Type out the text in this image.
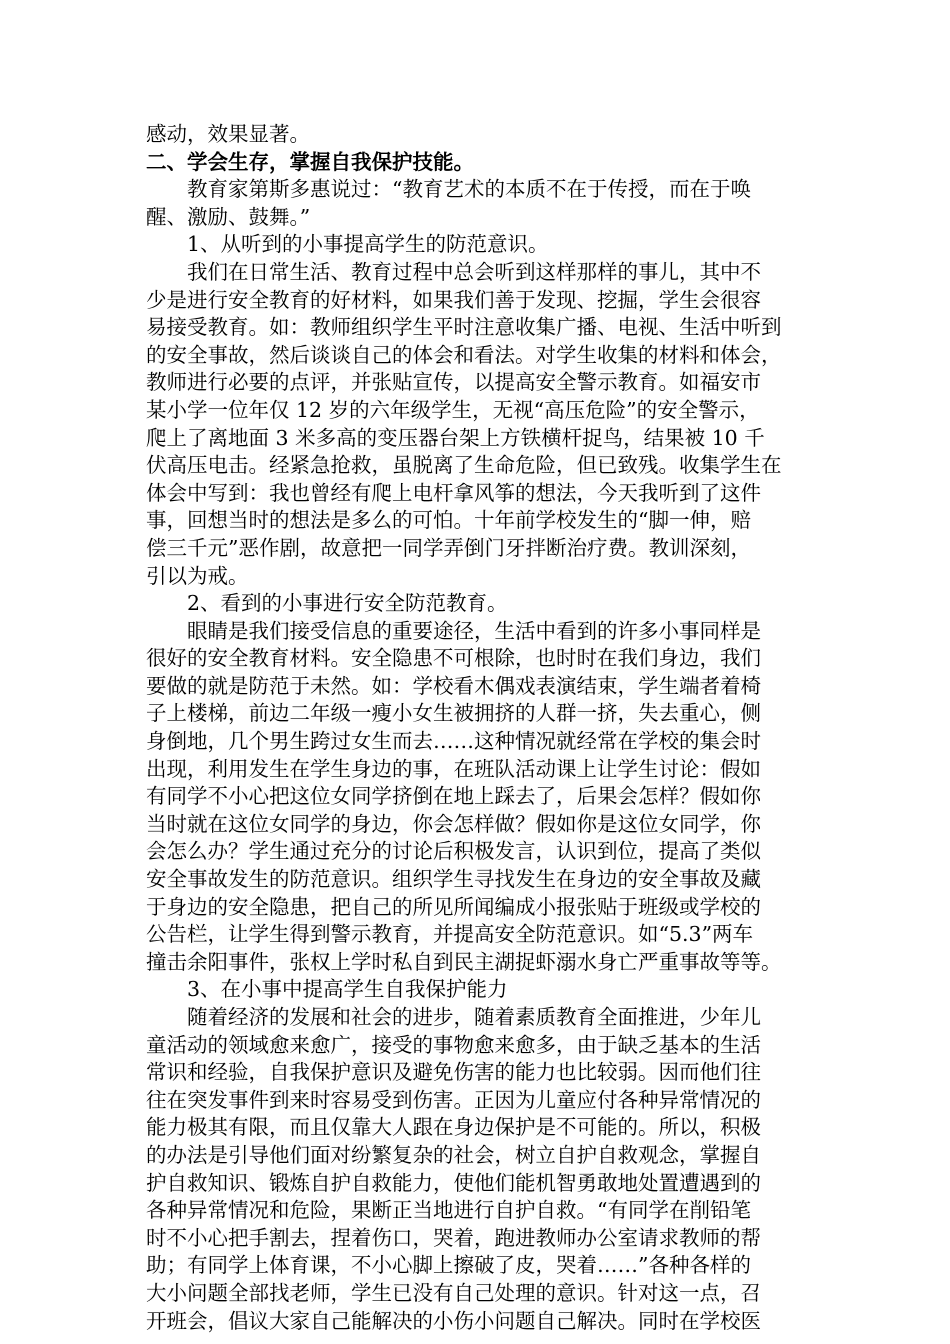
感动，效果显著。
二、学会生存，掌握自我保护技能。
教育家第斯多惠说过：“教育艺术的本质不在于传授，而在于唤
醒、激励、鼓舞。”
1、从听到的小事提高学生的防范意识。
我们在日常生活、教育过程中总会听到这样那样的事儿，其中不
少是进行安全教育的好材料，如果我们善于发现、挖掘，学生会很容
易接受教育。如：教师组织学生平时注意收集广播、电视、生活中听到
的安全事故，然后谈谈自己的体会和看法。对学生收集的材料和体会，
教师进行必要的点评，并张贴宣传，以提高安全警示教育。如福安市
某小学一位年仅 12 岁的六年级学生，无视“高压危险”的安全警示，
爬上了离地面 3 米多高的变压器台架上方铁横杆捉鸟，结果被 10 千
伏高压电击。经紧急抢救，虽脱离了生命危险，但已致残。收集学生在
体会中写到：我也曾经有爬上电杆拿风筝的想法，今天我听到了这件
事，回想当时的想法是多么的可怕。十年前学校发生的“脚一伸，赔
偿三千元”恶作剧，故意把一同学弄倒门牙拌断治疗费。教训深刻，
引以为戒。
2、看到的小事进行安全防范教育。
眼睛是我们接受信息的重要途径，生活中看到的许多小事同样是
很好的安全教育材料。安全隐患不可根除，也时时在我们身边，我们
要做的就是防范于未然。如：学校看木偶戏表演结束，学生端者着椅
子上楼梯，前边二年级一瘦小女生被拥挤的人群一挤，失去重心，侧
身倒地，几个男生跨过女生而去……这种情况就经常在学校的集会时
出现，利用发生在学生身边的事，在班队活动课上让学生讨论：假如
有同学不小心把这位女同学挤倒在地上踩去了，后果会怎样？假如你
当时就在这位女同学的身边，你会怎样做？假如你是这位女同学，你
会怎么办？学生通过充分的讨论后积极发言，认识到位，提高了类似
安全事故发生的防范意识。组织学生寻找发生在身边的安全事故及藏
于身边的安全隐患，把自己的所见所闻编成小报张贴于班级或学校的
公告栏，让学生得到警示教育，并提高安全防范意识。如“5.3”两车
撞击余阳事件，张权上学时私自到民主湖捉虾溺水身亡严重事故等等。
3、在小事中提高学生自我保护能力
随着经济的发展和社会的进步，随着素质教育全面推进，少年儿
童活动的领域愈来愈广，接受的事物愈来愈多，由于缺乏基本的生活
常识和经验，自我保护意识及避免伤害的能力也比较弱。因而他们往
往在突发事件到来时容易受到伤害。正因为儿童应付各种异常情况的
能力极其有限，而且仅靠大人跟在身边保护是不可能的。所以，积极
的办法是引导他们面对纷繁复杂的社会，树立自护自救观念，掌握自
护自救知识、锻炼自护自救能力，使他们能机智勇敢地处置遭遇到的
各种异常情况和危险，果断正当地进行自护自救。“有同学在削铅笔
时不小心把手割去，捏着伤口，哭着，跑进教师办公室请求教师的帮
助；有同学上体育课，不小心脚上擦破了皮，哭着……”各种各样的
大小问题全部找老师，学生已没有自己处理的意识。针对这一点，召
开班会，倡议大家自己能解决的小伤小问题自己解决。同时在学校医
